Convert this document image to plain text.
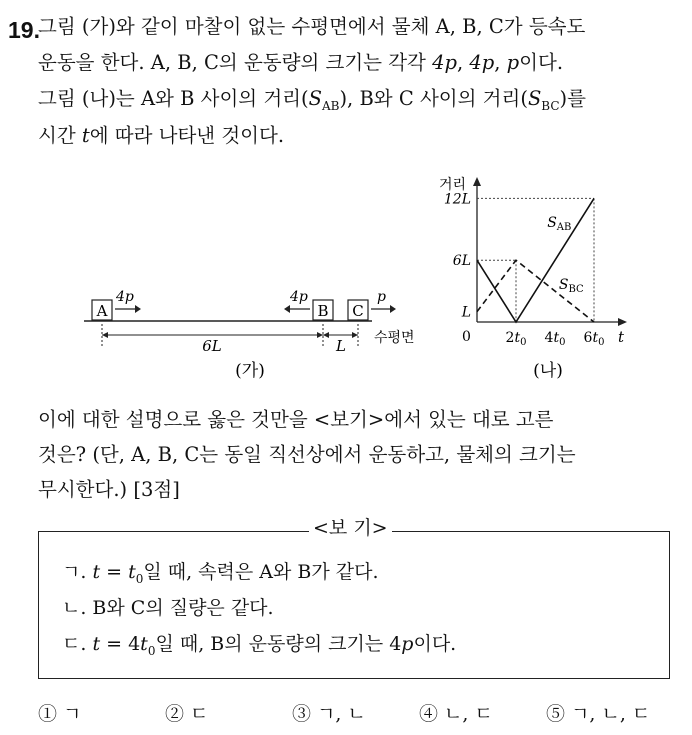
19.
그림 (가)와 같이 마찰이 없는 수평면에서 물체 A, B, C가 등속도
운동을 한다. A, B, C의 운동량의 크기는 각각 4p, 4p, p이다.
그림 (나)는 A와 B 사이의 거리$(S_{AB})$, B와 C 사이의 거리$(S_{BC})$를
시간 t에 따라 나타낸 것이다.
A
4p
B
4p
C
p
6L	L 수평면
(가)
거리
t
0
12L
6L
L
$2t_0$ $4t_0$ $6t_0$
$S_{AB}$
$S_{BC}$
(나)
이에 대한 설명으로 옳은 것만을 <보기>에서 있는 대로 고른
것은? (단, A, B, C는 동일 직선상에서 운동하고, 물체의 크기는
무시한다.) [3점]
<보 기>
ㄱ. $t = t_0$일 때, 속력은 A와 B가 같다.
ㄴ. B와 C의 질량은 같다.
ㄷ. $t = 4t_0$일 때, B의 운동량의 크기는 4p이다.
① ㄱ	② ㄷ	③ ㄱ, ㄴ	④ ㄴ, ㄷ	⑤ ㄱ, ㄴ, ㄷ
